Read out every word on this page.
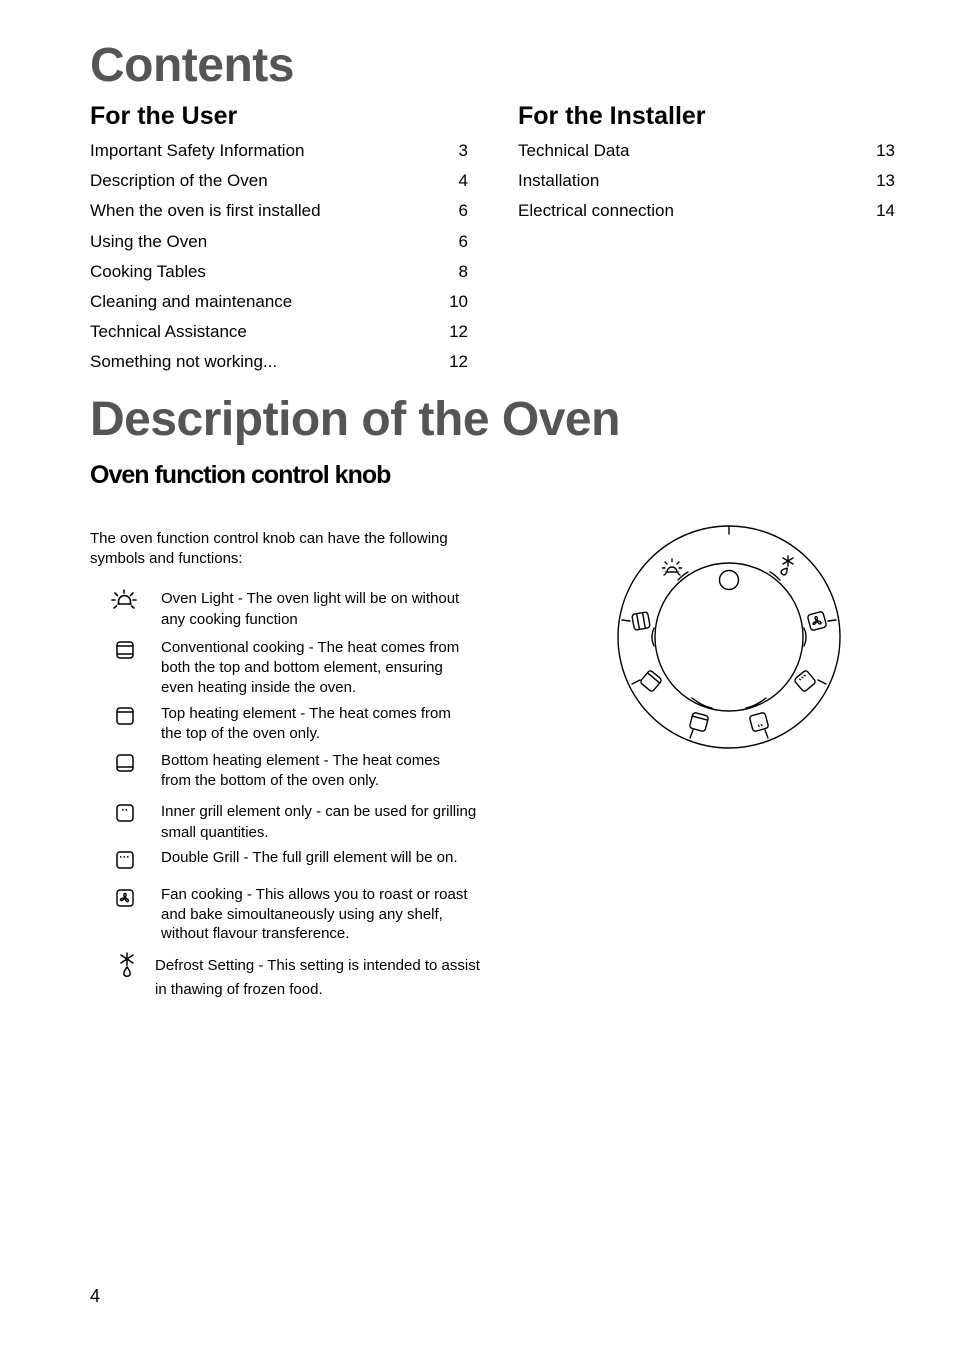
Contents
For the User	For the Installer
Important Safety Information	3
Description of the Oven	4
When the oven is first installed	6
Using the Oven	6
Cooking Tables	8
Cleaning and maintenance	10
Technical Assistance	12
Something not working...	12
Technical Data	13
Installation	13
Electrical connection	14
Description of the Oven
Oven function control knob
The oven function control knob can have the following
symbols and functions:
Oven Light - The oven light will be on without
any cooking function
Conventional cooking - The heat comes from
both the top and bottom element, ensuring
even heating inside the oven.
Top heating element - The heat comes from
the top of the oven only.
Bottom heating element - The heat comes
from the bottom of the oven only.
Inner grill element only - can be used for grilling
small quantities.
Double Grill - The full grill element will be on.
Fan cooking - This allows you to roast or roast
and bake simoultaneously using any shelf,
without flavour transference.
Defrost Setting - This setting is intended to assist
in thawing of frozen food.
4
